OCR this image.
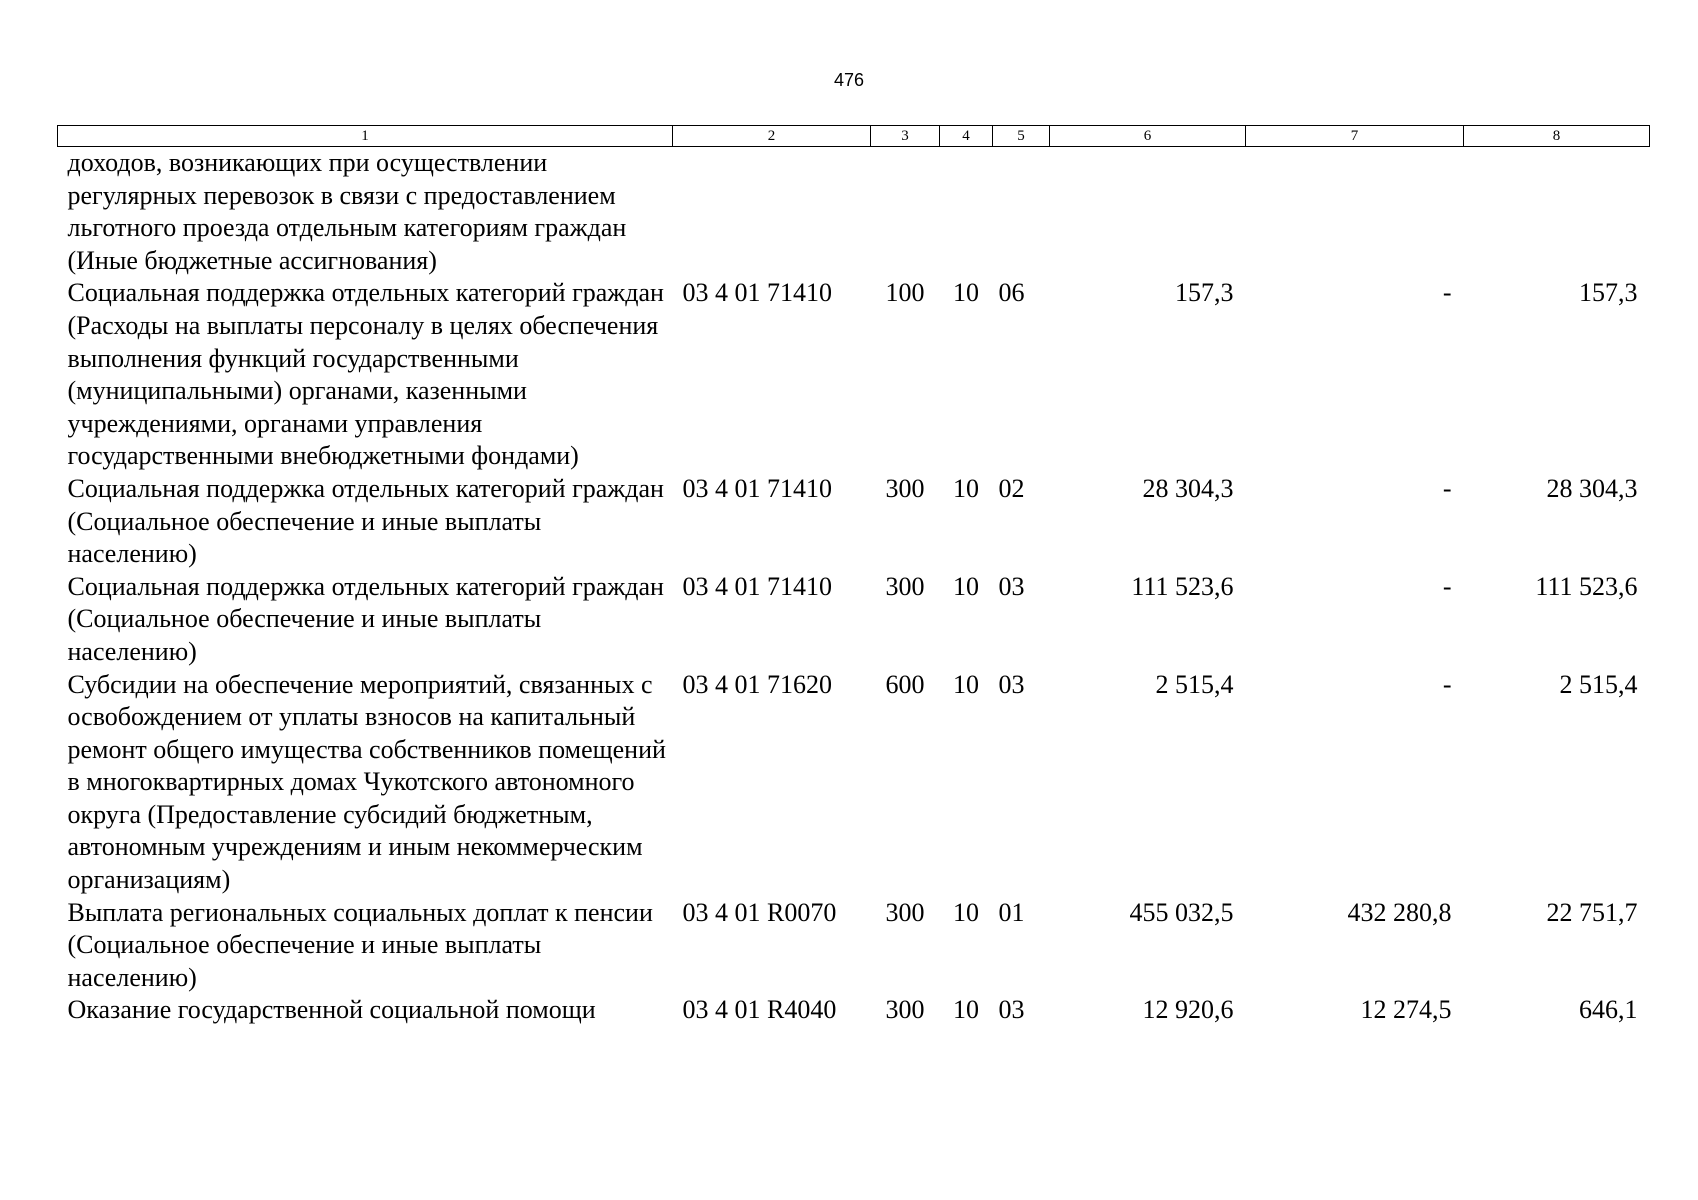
476
1	2	3	4	5	6	7	8
доходов, возникающих при осуществлении регулярных перевозок в связи с предоставлением льготного проезда отдельным категориям граждан (Иные бюджетные ассигнования)							
Социальная поддержка отдельных категорий граждан (Расходы на выплаты персоналу в целях обеспечения выполнения функций государственными (муниципальными) органами, казенными учреждениями, органами управления государственными внебюджетными фондами)	03 4 01 71410	100	10	06	157,3	-	157,3
Социальная поддержка отдельных категорий граждан (Социальное обеспечение и иные выплаты населению)	03 4 01 71410	300	10	02	28 304,3	-	28 304,3
Социальная поддержка отдельных категорий граждан (Социальное обеспечение и иные выплаты населению)	03 4 01 71410	300	10	03	111 523,6	-	111 523,6
Субсидии на обеспечение мероприятий, связанных с освобождением от уплаты взносов на капитальный ремонт общего имущества собственников помещений в многоквартирных домах Чукотского автономного округа (Предоставление субсидий бюджетным, автономным учреждениям и иным некоммерческим организациям)	03 4 01 71620	600	10	03	2 515,4	-	2 515,4
Выплата региональных социальных доплат к пенсии (Социальное обеспечение и иные выплаты населению)	03 4 01 R0070	300	10	01	455 032,5	432 280,8	22 751,7
Оказание государственной социальной помощи	03 4 01 R4040	300	10	03	12 920,6	12 274,5	646,1
